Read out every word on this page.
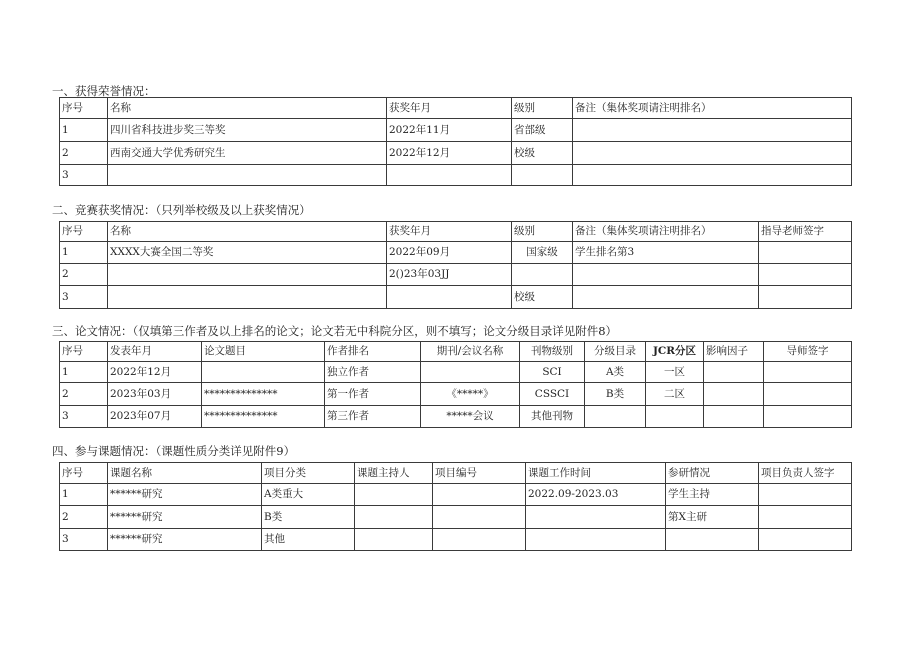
一、获得荣誉情况：
序号	名称	获奖年月	级别	备注（集体奖项请注明排名）
1	四川省科技进步奖三等奖	2022年11月	省部级	
2	西南交通大学优秀研究生	2022年12月	校级	
3				
二、竞赛获奖情况：（只列举校级及以上获奖情况）
序号	名称	获奖年月	级别	备注（集体奖项请注明排名）	指导老师签字
1	XXXX大赛全国二等奖	2022年09月	国家级	学生排名第3	
2		2()23年03JJ			
3			校级		
三、论文情况：（仅填第三作者及以上排名的论文；论文若无中科院分区，则不填写；论文分级目录详见附件8）
序号	发表年月	论文题目	作者排名	期刊/会议名称	刊物级别	分级目录	JCR分区	影响因子	导师签字
1	2022年12月		独立作者		SCI	A类	一区		
2	2023年03月	**************	第一作者	《*****》	CSSCI	B类	二区		
3	2023年07月	**************	第三作者	*****会议	其他刊物				
四、参与课题情况：（课题性质分类详见附件9）
序号	课题名称	项目分类	课题主持人	项目编号	课题工作时间	参研情况	项目负责人签字
1	******研究	A类重大			2022.09-2023.03	学生主持	
2	******研究	B类				第X主研	
3	******研究	其他					
